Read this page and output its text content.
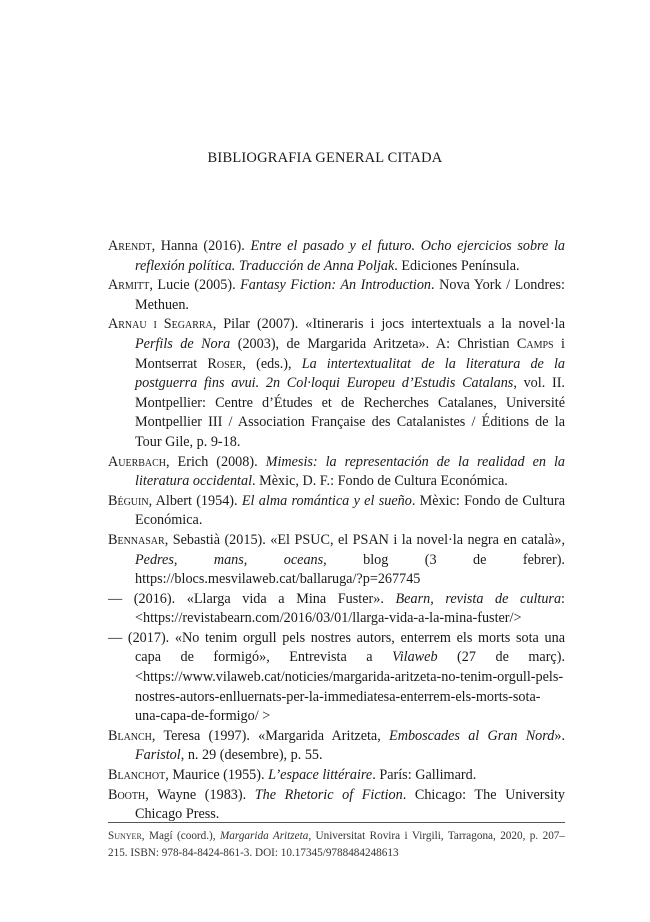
BIBLIOGRAFIA GENERAL CITADA

Arendt, Hanna (2016). Entre el pasado y el futuro. Ocho ejercicios sobre la reflexión política. Traducción de Anna Poljak. Ediciones Península.

Armitt, Lucie (2005). Fantasy Fiction: An Introduction. Nova York / Londres: Methuen.

Arnau i Segarra, Pilar (2007). «Itineraris i jocs intertextuals a la novel·la Perfils de Nora (2003), de Margarida Aritzeta». A: Christian Camps i Montserrat Roser, (eds.), La intertextualitat de la literatura de la postguerra fins avui. 2n Col·loqui Europeu d’Estudis Catalans, vol. II. Montpellier: Centre d’Études et de Recherches Catalanes, Université Montpellier III / Association Française des Catalanistes / Éditions de la Tour Gile, p. 9-18.

Auerbach, Erich (2008). Mimesis: la representación de la realidad en la literatura occidental. Mèxic, D. F.: Fondo de Cultura Económica.

Béguin, Albert (1954). El alma romántica y el sueño. Mèxic: Fondo de Cultura Económica.

Bennasar, Sebastià (2015). «El PSUC, el PSAN i la novel·la negra en català», Pedres, mans, oceans, blog (3 de febrer). https://blocs.mesvilaweb.cat/ballaruga/?p=267745

— (2016). «Llarga vida a Mina Fuster». Bearn, revista de cultura: <https://revistabearn.com/2016/03/01/llarga-vida-a-la-mina-fuster/>

— (2017). «No tenim orgull pels nostres autors, enterrem els morts sota una capa de formigó», Entrevista a Vilaweb (27 de març). <https://www.vilaweb.cat/noticies/margarida-aritzeta-no-tenim-orgull-pels-nostres-autors-enlluernats-per-la-immediatesa-enterrem-els-morts-sota-una-capa-de-formigo/ >

Blanch, Teresa (1997). «Margarida Aritzeta, Emboscades al Gran Nord». Faristol, n. 29 (desembre), p. 55.

Blanchot, Maurice (1955). L’espace littéraire. París: Gallimard.

Booth, Wayne (1983). The Rhetoric of Fiction. Chicago: The University Chicago Press.

Sunyer, Magí (coord.), Margarida Aritzeta, Universitat Rovira i Virgili, Tarragona, 2020, p. 207–215. ISBN: 978-84-8424-861-3. DOI: 10.17345/9788484248613
